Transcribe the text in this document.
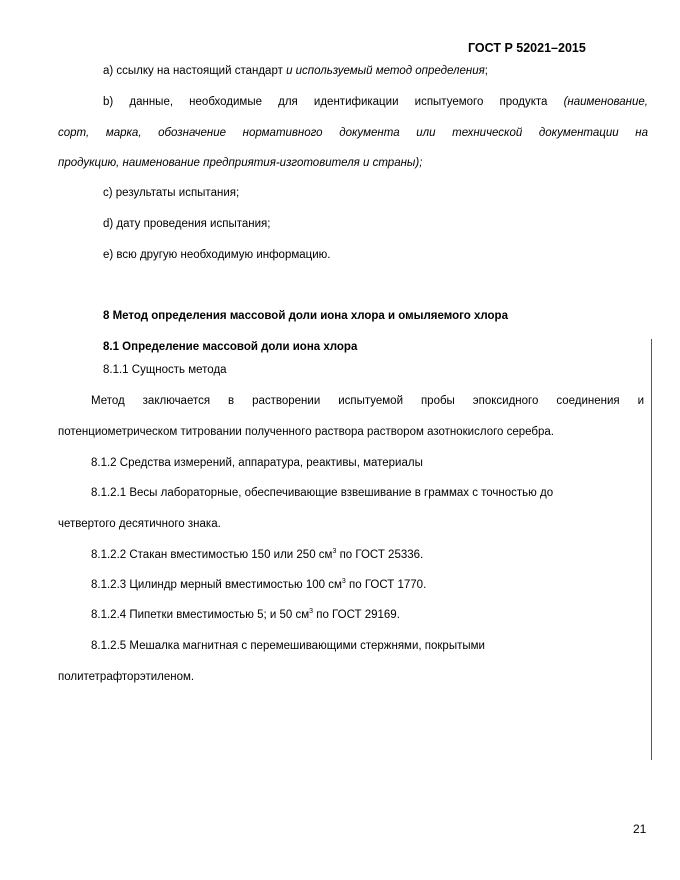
ГОСТ Р 52021–2015

а) ссылку на настоящий стандарт и используемый метод определения;

b) данные, необходимые для идентификации испытуемого продукта (наименование,

сорт, марка, обозначение нормативного документа или технической документации на

продукцию, наименование предприятия-изготовителя и страны);

c) результаты испытания;

d) дату проведения испытания;

e) всю другую необходимую информацию.

8 Метод определения массовой доли иона хлора и омыляемого хлора

8.1 Определение массовой доли иона хлора

8.1.1 Сущность метода

Метод заключается в растворении испытуемой пробы эпоксидного соединения и

потенциометрическом титровании полученного раствора раствором азотнокислого серебра.

8.1.2 Средства измерений, аппаратура, реактивы, материалы

8.1.2.1 Весы лабораторные, обеспечивающие взвешивание в граммах с точностью до

четвертого десятичного знака.

8.1.2.2 Стакан вместимостью 150 или 250 $см^3$ по ГОСТ 25336.

8.1.2.3 Цилиндр мерный вместимостью 100 $см^3$ по ГОСТ 1770.

8.1.2.4 Пипетки вместимостью 5; и 50 $см^3$ по ГОСТ 29169.

8.1.2.5 Мешалка магнитная с перемешивающими стержнями, покрытыми

политетрафторэтиленом.

21
